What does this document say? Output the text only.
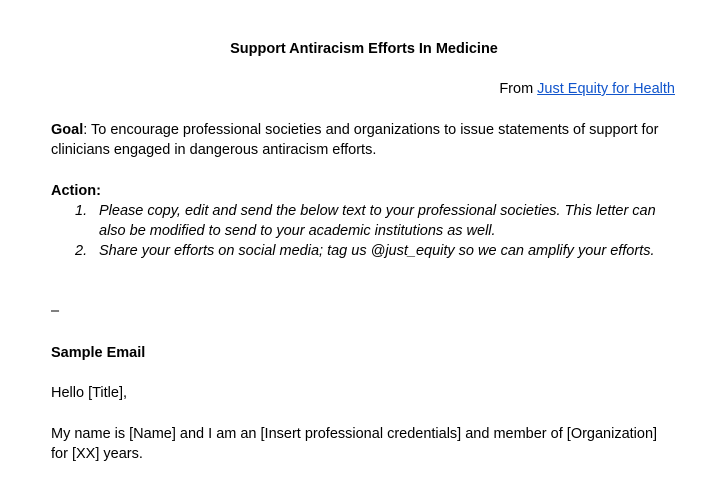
Support Antiracism Efforts In Medicine
From Just Equity for Health
Goal: To encourage professional societies and organizations to issue statements of support for clinicians engaged in dangerous antiracism efforts.
Action:
1. Please copy, edit and send the below text to your professional societies. This letter can also be modified to send to your academic institutions as well.
2. Share your efforts on social media; tag us @just_equity so we can amplify your efforts.
–
Sample Email
Hello [Title],
My name is [Name] and I am an [Insert professional credentials] and member of [Organization] for [XX] years.
